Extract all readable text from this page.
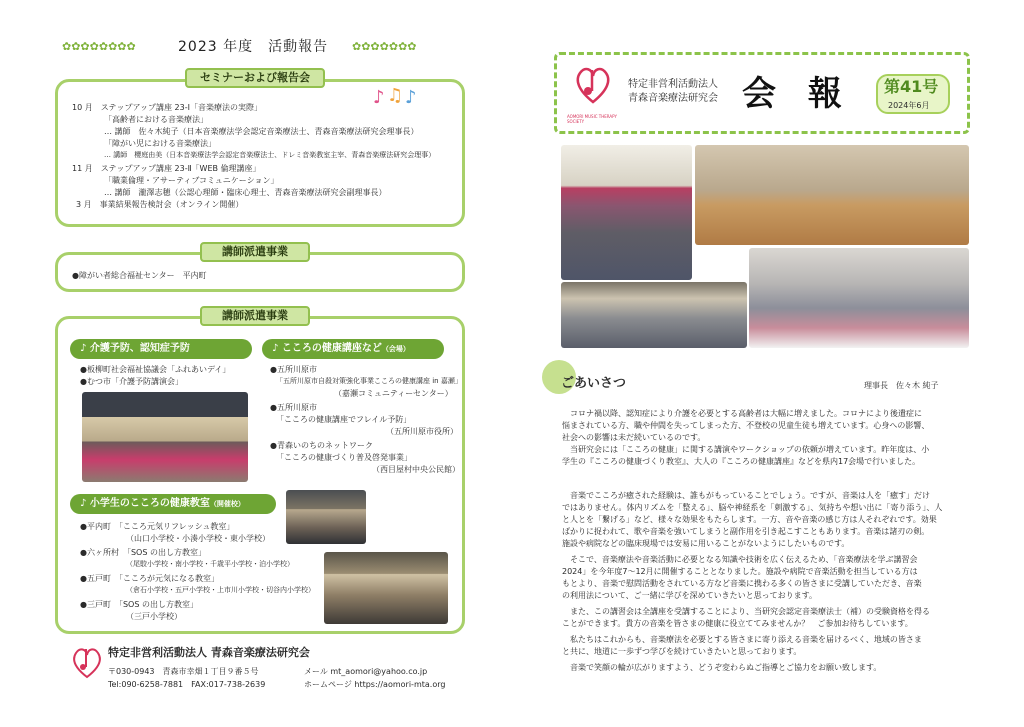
✿✿✿✿✿✿✿✿	2023 年度　活動報告 ✿✿✿✿✿✿✿
セミナーおよび報告会
♪ ♫ ♪
10 月　ステップアップ講座 23-Ⅰ「音楽療法の実際」
「高齢者における音楽療法」
… 講師　佐々木純子（日本音楽療法学会認定音楽療法士、青森音楽療法研究会理事長）
「障がい児における音楽療法」
… 講師　櫻庭由美（日本音楽療法学会認定音楽療法士、ドレミ音楽教室主宰、青森音楽療法研究会理事）
11 月　ステップアップ講座 23-Ⅱ「WEB 倫理講座」
「職業倫理・アサーティブコミュニケーション」
… 講師　瀧澤志穂（公認心理師・臨床心理士、青森音楽療法研究会副理事長）
3 月　事業結果報告検討会（オンライン開催）
講師派遣事業
●障がい者総合福祉センター　平内町
講師派遣事業
♪ 介護予防、認知症予防
●板柳町社会福祉協議会「ふれあいデイ」
●むつ市「介護予防講演会」
♪ こころの健康講座など（会場）
●五所川原市
「五所川原市自殺対策強化事業こころの健康講座 in 嘉瀬」
（嘉瀬コミュニティーセンター）
●五所川原市
「こころの健康講座でフレイル予防」
（五所川原市役所）
●青森いのちのネットワーク
「こころの健康づくり普及啓発事業」
（西目屋村中央公民館）
♪ 小学生のこころの健康教室（開催校）
●平内町　「こころ元気リフレッシュ教室」
（山口小学校・小湊小学校・東小学校）
●六ヶ所村　「SOS の出し方教室」
（尾駮小学校・南小学校・千歳平小学校・泊小学校）
●五戸町　「こころが元気になる教室」
（倉石小学校・五戸小学校・上市川小学校・切谷内小学校）
●三戸町　「SOS の出し方教室」
（三戸小学校）
特定非営利活動法人 青森音楽療法研究会
〒030-0943　青森市幸畑１丁目９番５号
Tel:090-6258-7881　FAX:017-738-2639
メール mt_aomori@yahoo.co.jp
ホームページ https://aomori-mta.org
AOMORI MUSIC THERAPY SOCIETY
特定非営利活動法人
青森音楽療法研究会 会 報 第41号
2024年6月
ごあいさつ	理事長　佐々木 純子
　コロナ禍以降、認知症により介護を必要とする高齢者は大幅に増えました。コロナにより後遺症に
悩まされている方、職や仲間を失ってしまった方、不登校の児童生徒も増えています。心身への影響、
社会への影響は未だ続いているのです。
　当研究会には「こころの健康」に関する講演やワークショップの依頼が増えています。昨年度は、小
学生の『こころの健康づくり教室』、大人の『こころの健康講座』などを県内17会場で行いました。
　音楽でこころが癒された経験は、誰もがもっていることでしょう。ですが、音楽は人を「癒す」だけ
ではありません。体内リズムを「整える」、脳や神経系を「刺激する」、気持ちや想い出に「寄り添う」、人
と人とを「繋げる」など、様々な効果をもたらします。一方、音や音楽の感じ方は人それぞれです。効果
ばかりに捉われて、歌や音楽を強いてしまうと副作用を引き起こすこともあります。音楽は諸刃の剣。
施設や病院などの臨床現場では安易に用いることがないようにしたいものです。
　そこで、音楽療法や音楽活動に必要となる知識や技術を広く伝えるため、「音楽療法を学ぶ講習会
2024」を今年度7～12月に開催することとなりました。施設や病院で音楽活動を担当している方は
もとより、音楽で慰問活動をされている方など音楽に携わる多くの皆さまに受講していただき、音楽
の利用法について、ご一緒に学びを深めていきたいと思っております。
　また、この講習会は全講座を受講することにより、当研究会認定音楽療法士（補）の受験資格を得る
ことができます。貴方の音楽を皆さまの健康に役立ててみませんか？　ご参加お待ちしています。
　私たちはこれからも、音楽療法を必要とする皆さまに寄り添える音楽を届けるべく、地域の皆さま
と共に、地道に一歩ずつ学びを続けていきたいと思っております。
　音楽で笑顔の輪が広がりますよう、どうぞ変わらぬご指導とご協力をお願い致します。
